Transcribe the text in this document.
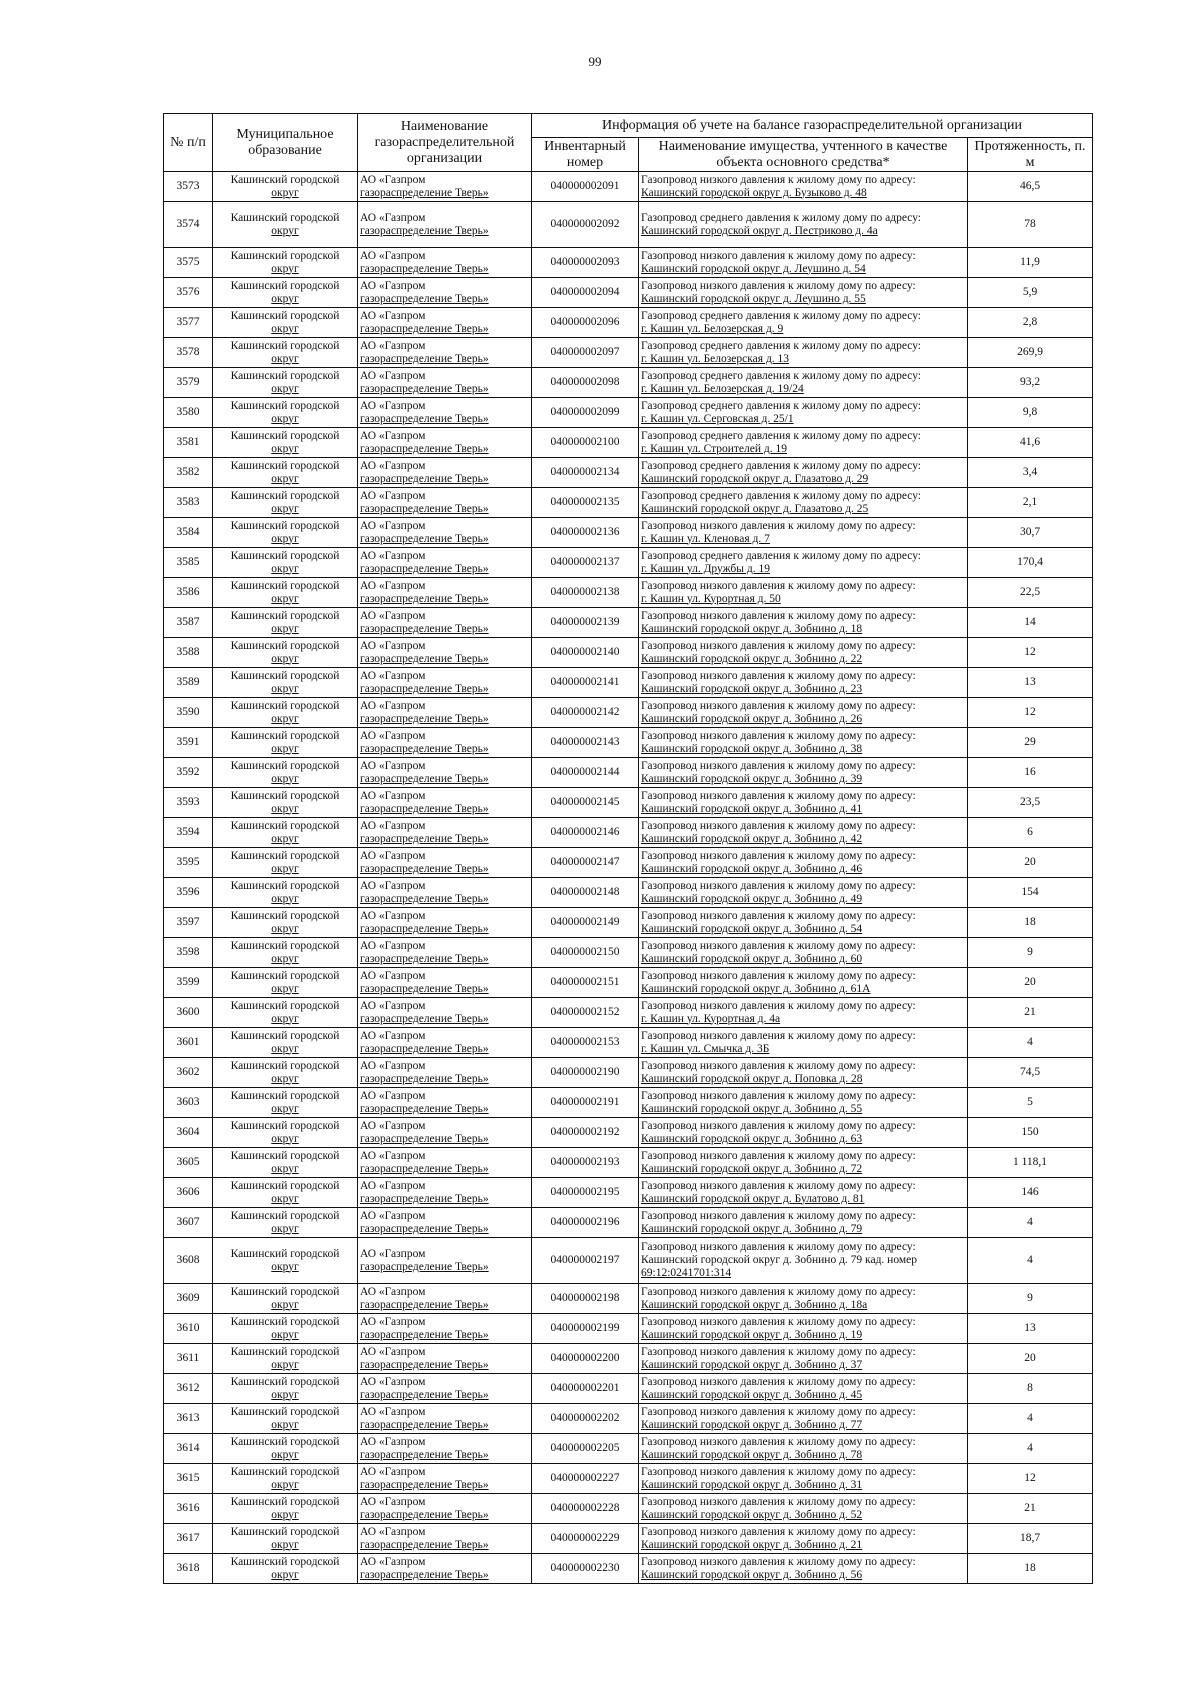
99
№ п/п	Муниципальное образование	Наименование газораспределительной организации	Информация об учете на балансе газораспределительной организации		
			Инвентарный номер	Наименование имущества, учтенного в качестве объекта основного средства*	Протяженность, п. м

3573	Кашинский городской
округ	АО «Газпром
газораспределение Тверь»	040000002091	Газопровод низкого давления к жилому дому по адресу:
Кашинский городской округ д. Бузыково д. 48	46,5

3574	Кашинский городской
округ	АО «Газпром
газораспределение Тверь»	040000002092	Газопровод среднего давления к жилому дому по адресу:
Кашинский городской округ д. Пестриково д. 4а	78

3575	Кашинский городской
округ	АО «Газпром
газораспределение Тверь»	040000002093	Газопровод низкого давления к жилому дому по адресу:
Кашинский городской округ д. Леушино д. 54	11,9

3576	Кашинский городской
округ	АО «Газпром
газораспределение Тверь»	040000002094	Газопровод низкого давления к жилому дому по адресу:
Кашинский городской округ д. Леушино д. 55	5,9

3577	Кашинский городской
округ	АО «Газпром
газораспределение Тверь»	040000002096	Газопровод среднего давления к жилому дому по адресу:
г. Кашин ул. Белозерская д. 9	2,8

3578	Кашинский городской
округ	АО «Газпром
газораспределение Тверь»	040000002097	Газопровод среднего давления к жилому дому по адресу:
г. Кашин ул. Белозерская д. 13	269,9

3579	Кашинский городской
округ	АО «Газпром
газораспределение Тверь»	040000002098	Газопровод среднего давления к жилому дому по адресу:
г. Кашин ул. Белозерская д. 19/24	93,2

3580	Кашинский городской
округ	АО «Газпром
газораспределение Тверь»	040000002099	Газопровод среднего давления к жилому дому по адресу:
г. Кашин ул. Серговская д. 25/1	9,8

3581	Кашинский городской
округ	АО «Газпром
газораспределение Тверь»	040000002100	Газопровод среднего давления к жилому дому по адресу:
г. Кашин ул. Строителей д. 19	41,6

3582	Кашинский городской
округ	АО «Газпром
газораспределение Тверь»	040000002134	Газопровод среднего давления к жилому дому по адресу:
Кашинский городской округ д. Глазатово д. 29	3,4

3583	Кашинский городской
округ	АО «Газпром
газораспределение Тверь»	040000002135	Газопровод среднего давления к жилому дому по адресу:
Кашинский городской округ д. Глазатово д. 25	2,1

3584	Кашинский городской
округ	АО «Газпром
газораспределение Тверь»	040000002136	Газопровод низкого давления к жилому дому по адресу:
г. Кашин ул. Кленовая д. 7	30,7

3585	Кашинский городской
округ	АО «Газпром
газораспределение Тверь»	040000002137	Газопровод среднего давления к жилому дому по адресу:
г. Кашин ул. Дружбы д. 19	170,4

3586	Кашинский городской
округ	АО «Газпром
газораспределение Тверь»	040000002138	Газопровод низкого давления к жилому дому по адресу:
г. Кашин ул. Курортная д. 50	22,5

3587	Кашинский городской
округ	АО «Газпром
газораспределение Тверь»	040000002139	Газопровод низкого давления к жилому дому по адресу:
Кашинский городской округ д. Зобнино д. 18	14

3588	Кашинский городской
округ	АО «Газпром
газораспределение Тверь»	040000002140	Газопровод низкого давления к жилому дому по адресу:
Кашинский городской округ д. Зобнино д. 22	12

3589	Кашинский городской
округ	АО «Газпром
газораспределение Тверь»	040000002141	Газопровод низкого давления к жилому дому по адресу:
Кашинский городской округ д. Зобнино д. 23	13

3590	Кашинский городской
округ	АО «Газпром
газораспределение Тверь»	040000002142	Газопровод низкого давления к жилому дому по адресу:
Кашинский городской округ д. Зобнино д. 26	12

3591	Кашинский городской
округ	АО «Газпром
газораспределение Тверь»	040000002143	Газопровод низкого давления к жилому дому по адресу:
Кашинский городской округ д. Зобнино д. 38	29

3592	Кашинский городской
округ	АО «Газпром
газораспределение Тверь»	040000002144	Газопровод низкого давления к жилому дому по адресу:
Кашинский городской округ д. Зобнино д. 39	16

3593	Кашинский городской
округ	АО «Газпром
газораспределение Тверь»	040000002145	Газопровод низкого давления к жилому дому по адресу:
Кашинский городской округ д. Зобнино д. 41	23,5

3594	Кашинский городской
округ	АО «Газпром
газораспределение Тверь»	040000002146	Газопровод низкого давления к жилому дому по адресу:
Кашинский городской округ д. Зобнино д. 42	6

3595	Кашинский городской
округ	АО «Газпром
газораспределение Тверь»	040000002147	Газопровод низкого давления к жилому дому по адресу:
Кашинский городской округ д. Зобнино д. 46	20

3596	Кашинский городской
округ	АО «Газпром
газораспределение Тверь»	040000002148	Газопровод низкого давления к жилому дому по адресу:
Кашинский городской округ д. Зобнино д. 49	154

3597	Кашинский городской
округ	АО «Газпром
газораспределение Тверь»	040000002149	Газопровод низкого давления к жилому дому по адресу:
Кашинский городской округ д. Зобнино д. 54	18

3598	Кашинский городской
округ	АО «Газпром
газораспределение Тверь»	040000002150	Газопровод низкого давления к жилому дому по адресу:
Кашинский городской округ д. Зобнино д. 60	9

3599	Кашинский городской
округ	АО «Газпром
газораспределение Тверь»	040000002151	Газопровод низкого давления к жилому дому по адресу:
Кашинский городской округ д. Зобнино д. 61А	20

3600	Кашинский городской
округ	АО «Газпром
газораспределение Тверь»	040000002152	Газопровод низкого давления к жилому дому по адресу:
г. Кашин ул. Курортная д. 4а	21

3601	Кашинский городской
округ	АО «Газпром
газораспределение Тверь»	040000002153	Газопровод низкого давления к жилому дому по адресу:
г. Кашин ул. Смычка д. 3Б	4

3602	Кашинский городской
округ	АО «Газпром
газораспределение Тверь»	040000002190	Газопровод низкого давления к жилому дому по адресу:
Кашинский городской округ д. Поповка д. 28	74,5

3603	Кашинский городской
округ	АО «Газпром
газораспределение Тверь»	040000002191	Газопровод низкого давления к жилому дому по адресу:
Кашинский городской округ д. Зобнино д. 55	5

3604	Кашинский городской
округ	АО «Газпром
газораспределение Тверь»	040000002192	Газопровод низкого давления к жилому дому по адресу:
Кашинский городской округ д. Зобнино д. 63	150

3605	Кашинский городской
округ	АО «Газпром
газораспределение Тверь»	040000002193	Газопровод низкого давления к жилому дому по адресу:
Кашинский городской округ д. Зобнино д. 72	1 118,1

3606	Кашинский городской
округ	АО «Газпром
газораспределение Тверь»	040000002195	Газопровод низкого давления к жилому дому по адресу:
Кашинский городской округ д. Булатово д. 81	146

3607	Кашинский городской
округ	АО «Газпром
газораспределение Тверь»	040000002196	Газопровод низкого давления к жилому дому по адресу:
Кашинский городской округ д. Зобнино д. 79	4

3608	Кашинский городской
округ	АО «Газпром
газораспределение Тверь»	040000002197	Газопровод низкого давления к жилому дому по адресу:
Кашинский городской округ д. Зобнино д. 79 кад. номер
69:12:0241701:314	4

3609	Кашинский городской
округ	АО «Газпром
газораспределение Тверь»	040000002198	Газопровод низкого давления к жилому дому по адресу:
Кашинский городской округ д. Зобнино д. 18а	9

3610	Кашинский городской
округ	АО «Газпром
газораспределение Тверь»	040000002199	Газопровод низкого давления к жилому дому по адресу:
Кашинский городской округ д. Зобнино д. 19	13

3611	Кашинский городской
округ	АО «Газпром
газораспределение Тверь»	040000002200	Газопровод низкого давления к жилому дому по адресу:
Кашинский городской округ д. Зобнино д. 37	20

3612	Кашинский городской
округ	АО «Газпром
газораспределение Тверь»	040000002201	Газопровод низкого давления к жилому дому по адресу:
Кашинский городской округ д. Зобнино д. 45	8

3613	Кашинский городской
округ	АО «Газпром
газораспределение Тверь»	040000002202	Газопровод низкого давления к жилому дому по адресу:
Кашинский городской округ д. Зобнино д. 77	4

3614	Кашинский городской
округ	АО «Газпром
газораспределение Тверь»	040000002205	Газопровод низкого давления к жилому дому по адресу:
Кашинский городской округ д. Зобнино д. 78	4

3615	Кашинский городской
округ	АО «Газпром
газораспределение Тверь»	040000002227	Газопровод низкого давления к жилому дому по адресу:
Кашинский городской округ д. Зобнино д. 31	12

3616	Кашинский городской
округ	АО «Газпром
газораспределение Тверь»	040000002228	Газопровод низкого давления к жилому дому по адресу:
Кашинский городской округ д. Зобнино д. 52	21

3617	Кашинский городской
округ	АО «Газпром
газораспределение Тверь»	040000002229	Газопровод низкого давления к жилому дому по адресу:
Кашинский городской округ д. Зобнино д. 21	18,7

3618	Кашинский городской
округ	АО «Газпром
газораспределение Тверь»	040000002230	Газопровод низкого давления к жилому дому по адресу:
Кашинский городской округ д. Зобнино д. 56	18
